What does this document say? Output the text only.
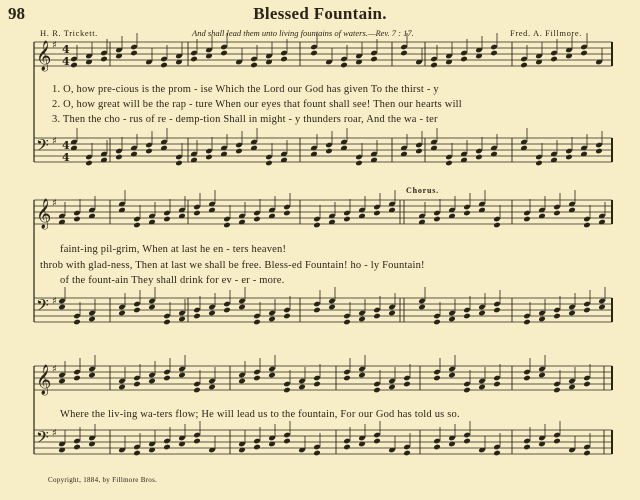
98	Blessed Fountain.
H. R. Trickett.	And shall lead them unto living fountains of waters.—Rev. 7 : 17.	Fred. A. Fillmore.
𝄞 ♯ 4
4
𝄢 ♯ 4
4
𝄞 ♯
𝄢 ♯
𝄞 ♯
𝄢 ♯
1. O, how pre-cious is the prom - ise Which the Lord our God has given To the thirst - y
2. O, how great will be the rap - ture When our eyes that fount shall see! Then our hearts will
3. Then the cho - rus of re - demp-tion Shall in might - y thunders roar, And the wa - ter
Chorus.
faint-ing pil-grim, When at last he en - ters heaven!
throb with glad-ness, Then at last we shall be free. Bless-ed Fountain! ho - ly Fountain!
of the fount-ain They shall drink for ev - er - more.
Where the liv-ing wa-ters flow; He will lead us to the fountain, For our God has told us so.
Copyright, 1884, by Fillmore Bros.
